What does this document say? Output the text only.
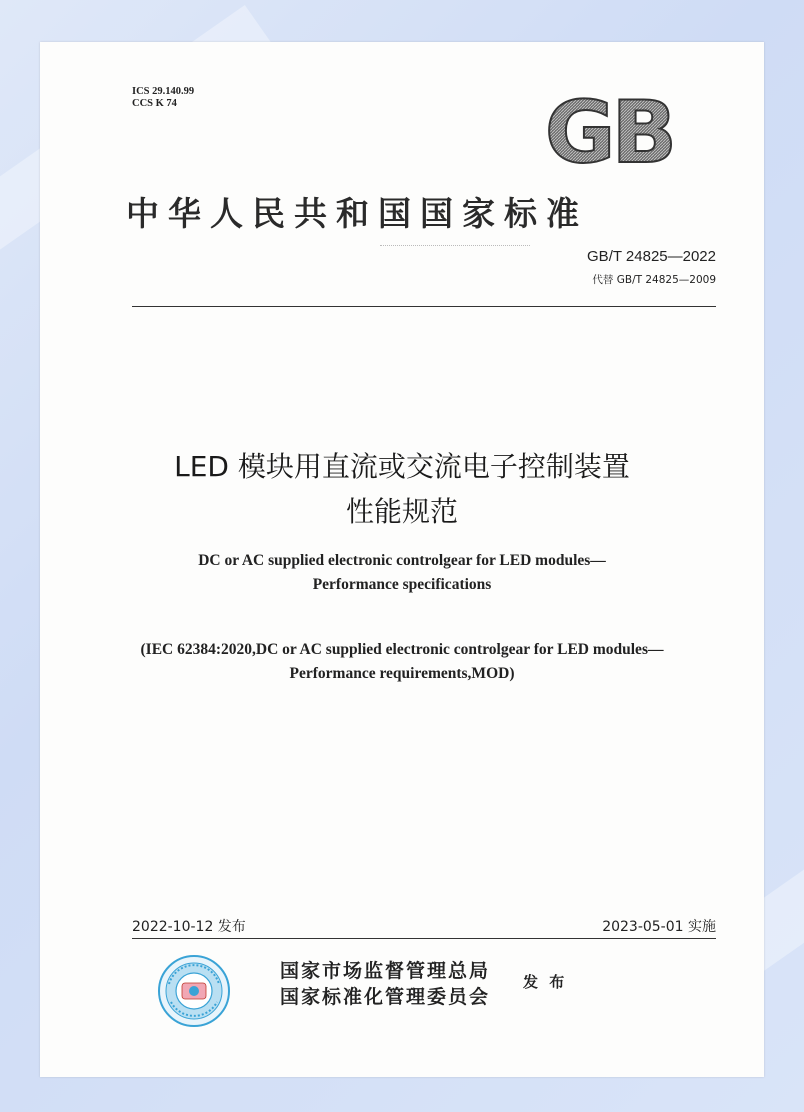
ICS 29.140.99
CCS K 74	GB
中华人民共和国国家标准
GB/T 24825—2022
代替 GB/T 24825—2009
LED 模块用直流或交流电子控制装置
性能规范
DC or AC supplied electronic controlgear for LED modules—
Performance specifications
(IEC 62384:2020,DC or AC supplied electronic controlgear for LED modules—
Performance requirements,MOD)
2022-10-12 发布	2023-05-01 实施
国家市场监督管理总局
国家标准化管理委员会
发 布
